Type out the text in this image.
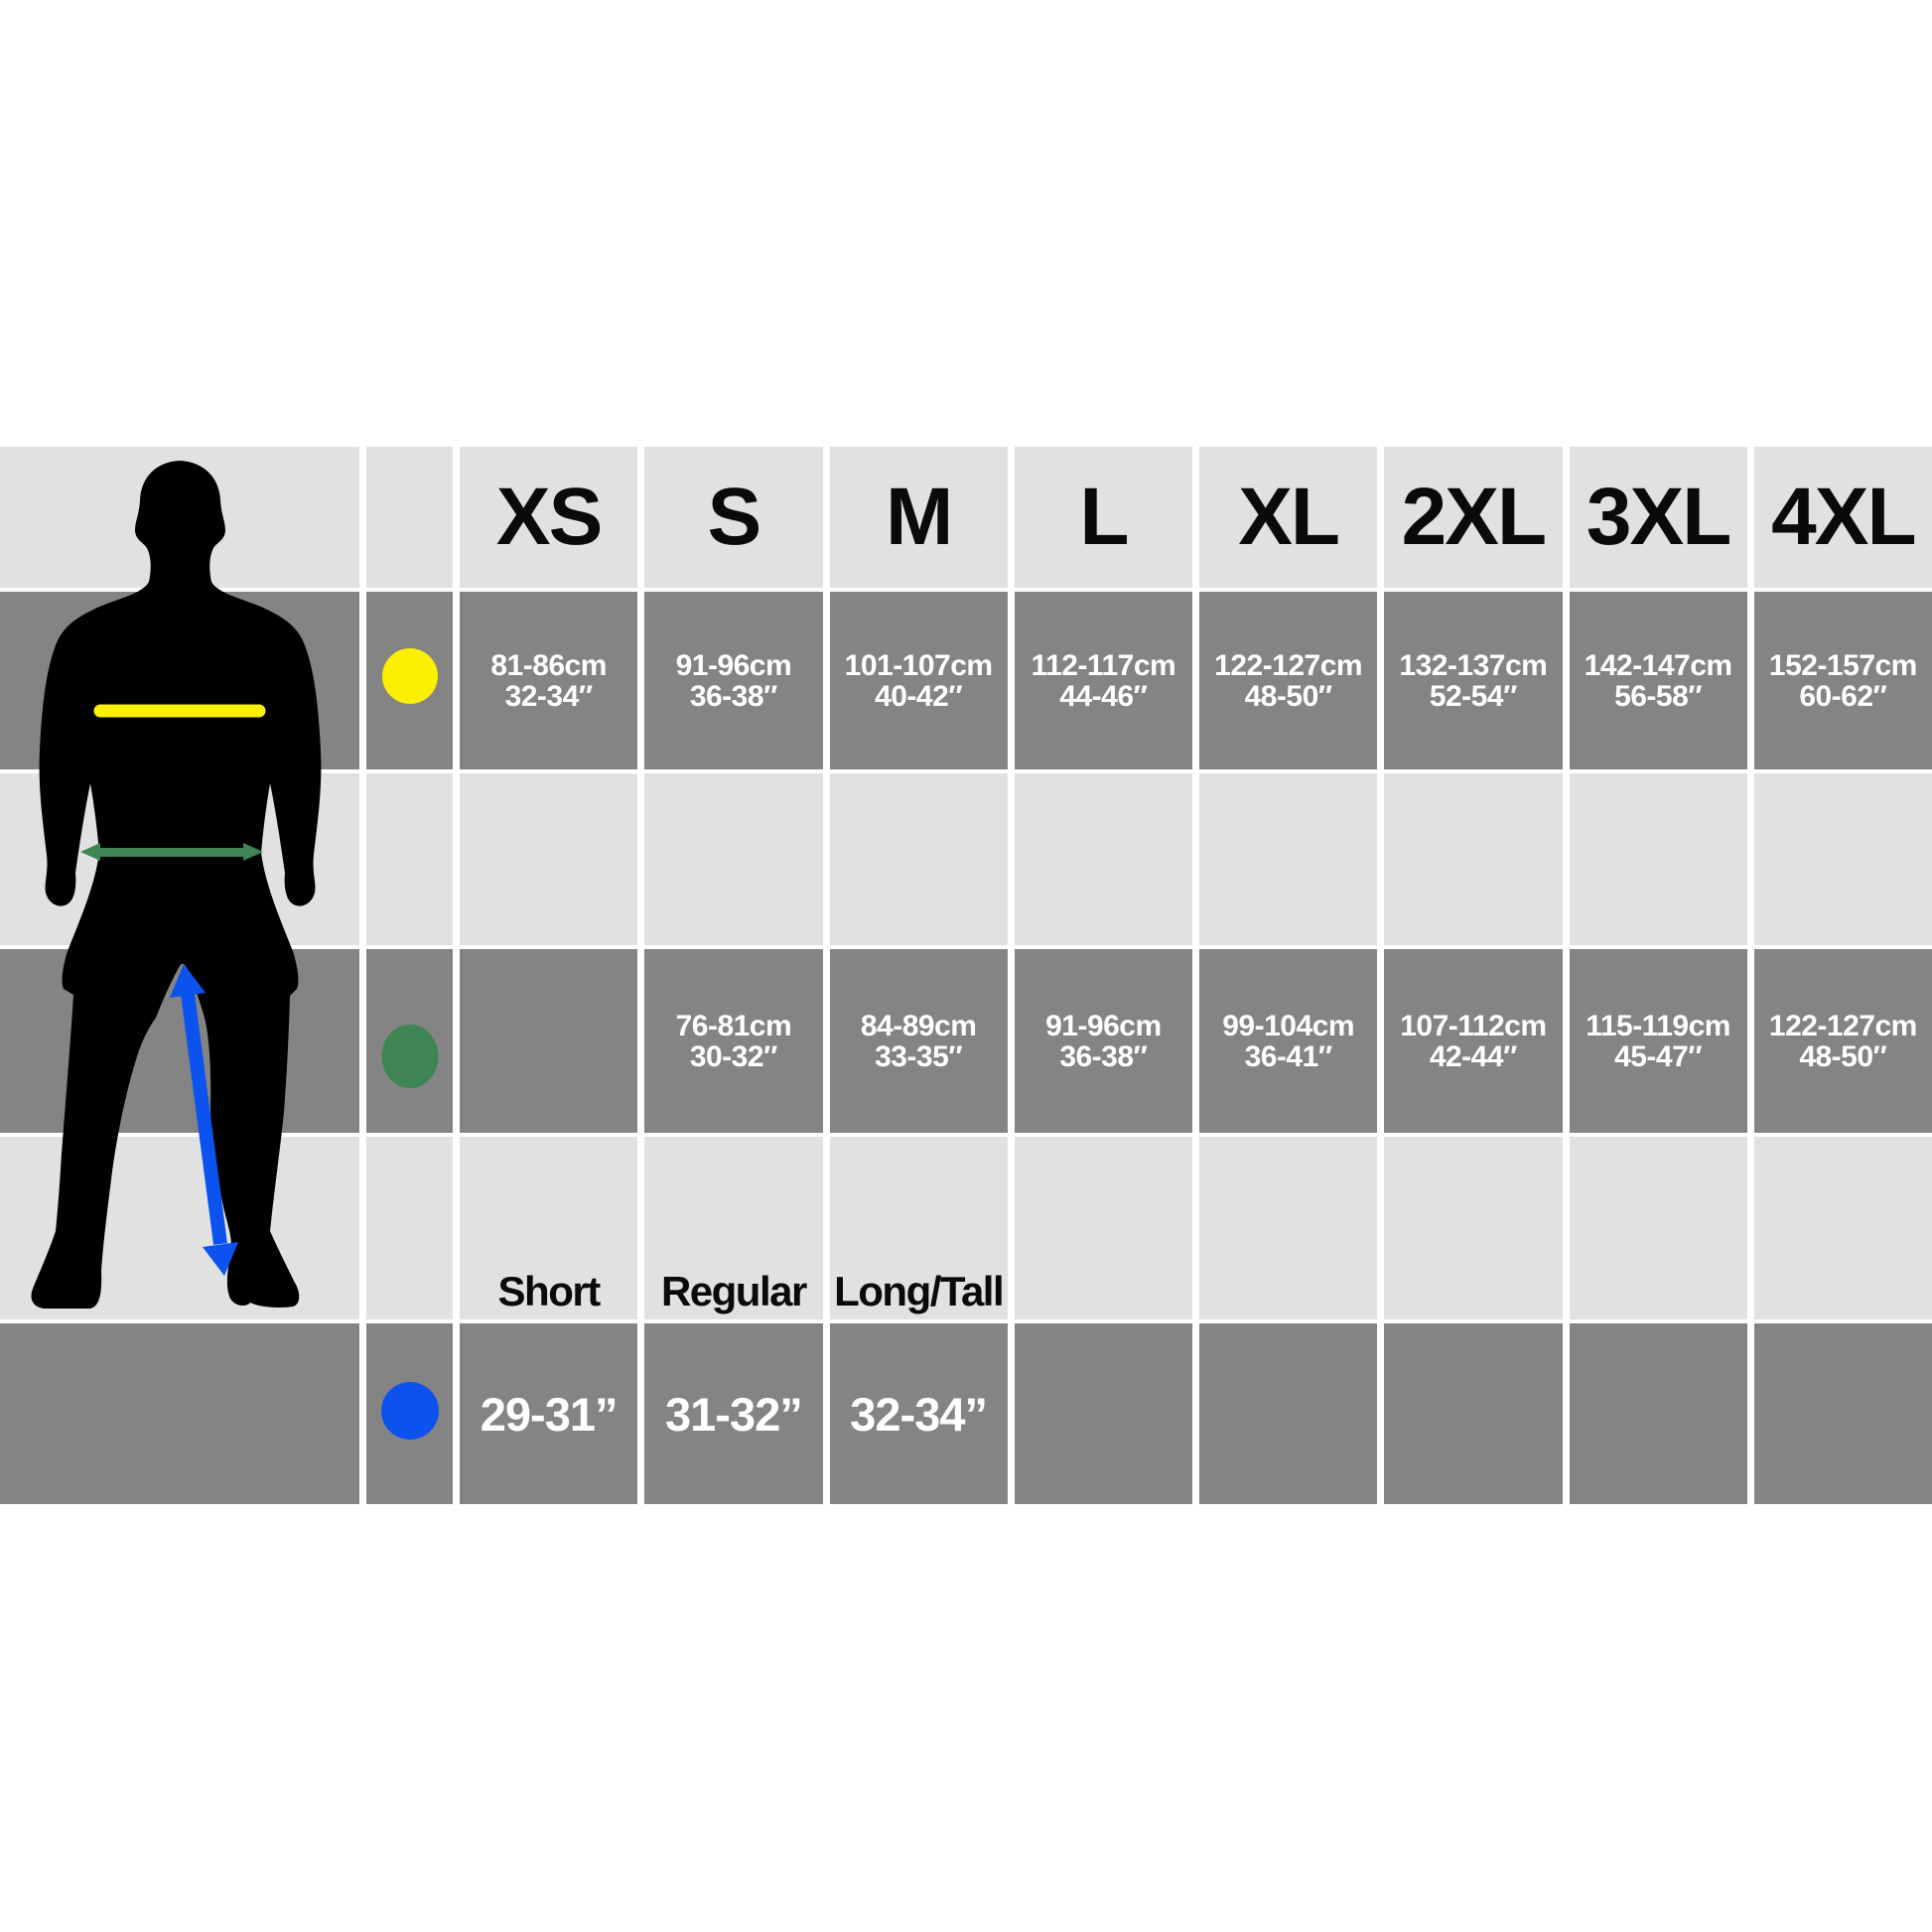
XS S M L XL 2XL 3XL 4XL
81-86cm
32-34″
91-96cm
36-38″
101-107cm
40-42″
112-117cm
44-46″
122-127cm
48-50″
132-137cm
52-54″
142-147cm
56-58″
152-157cm
60-62″
76-81cm
30-32″
84-89cm
33-35″
91-96cm
36-38″
99-104cm
36-41″
107-112cm
42-44″
115-119cm
45-47″
122-127cm
48-50″
Short Regular Long/Tall
29-31” 31-32” 32-34”
